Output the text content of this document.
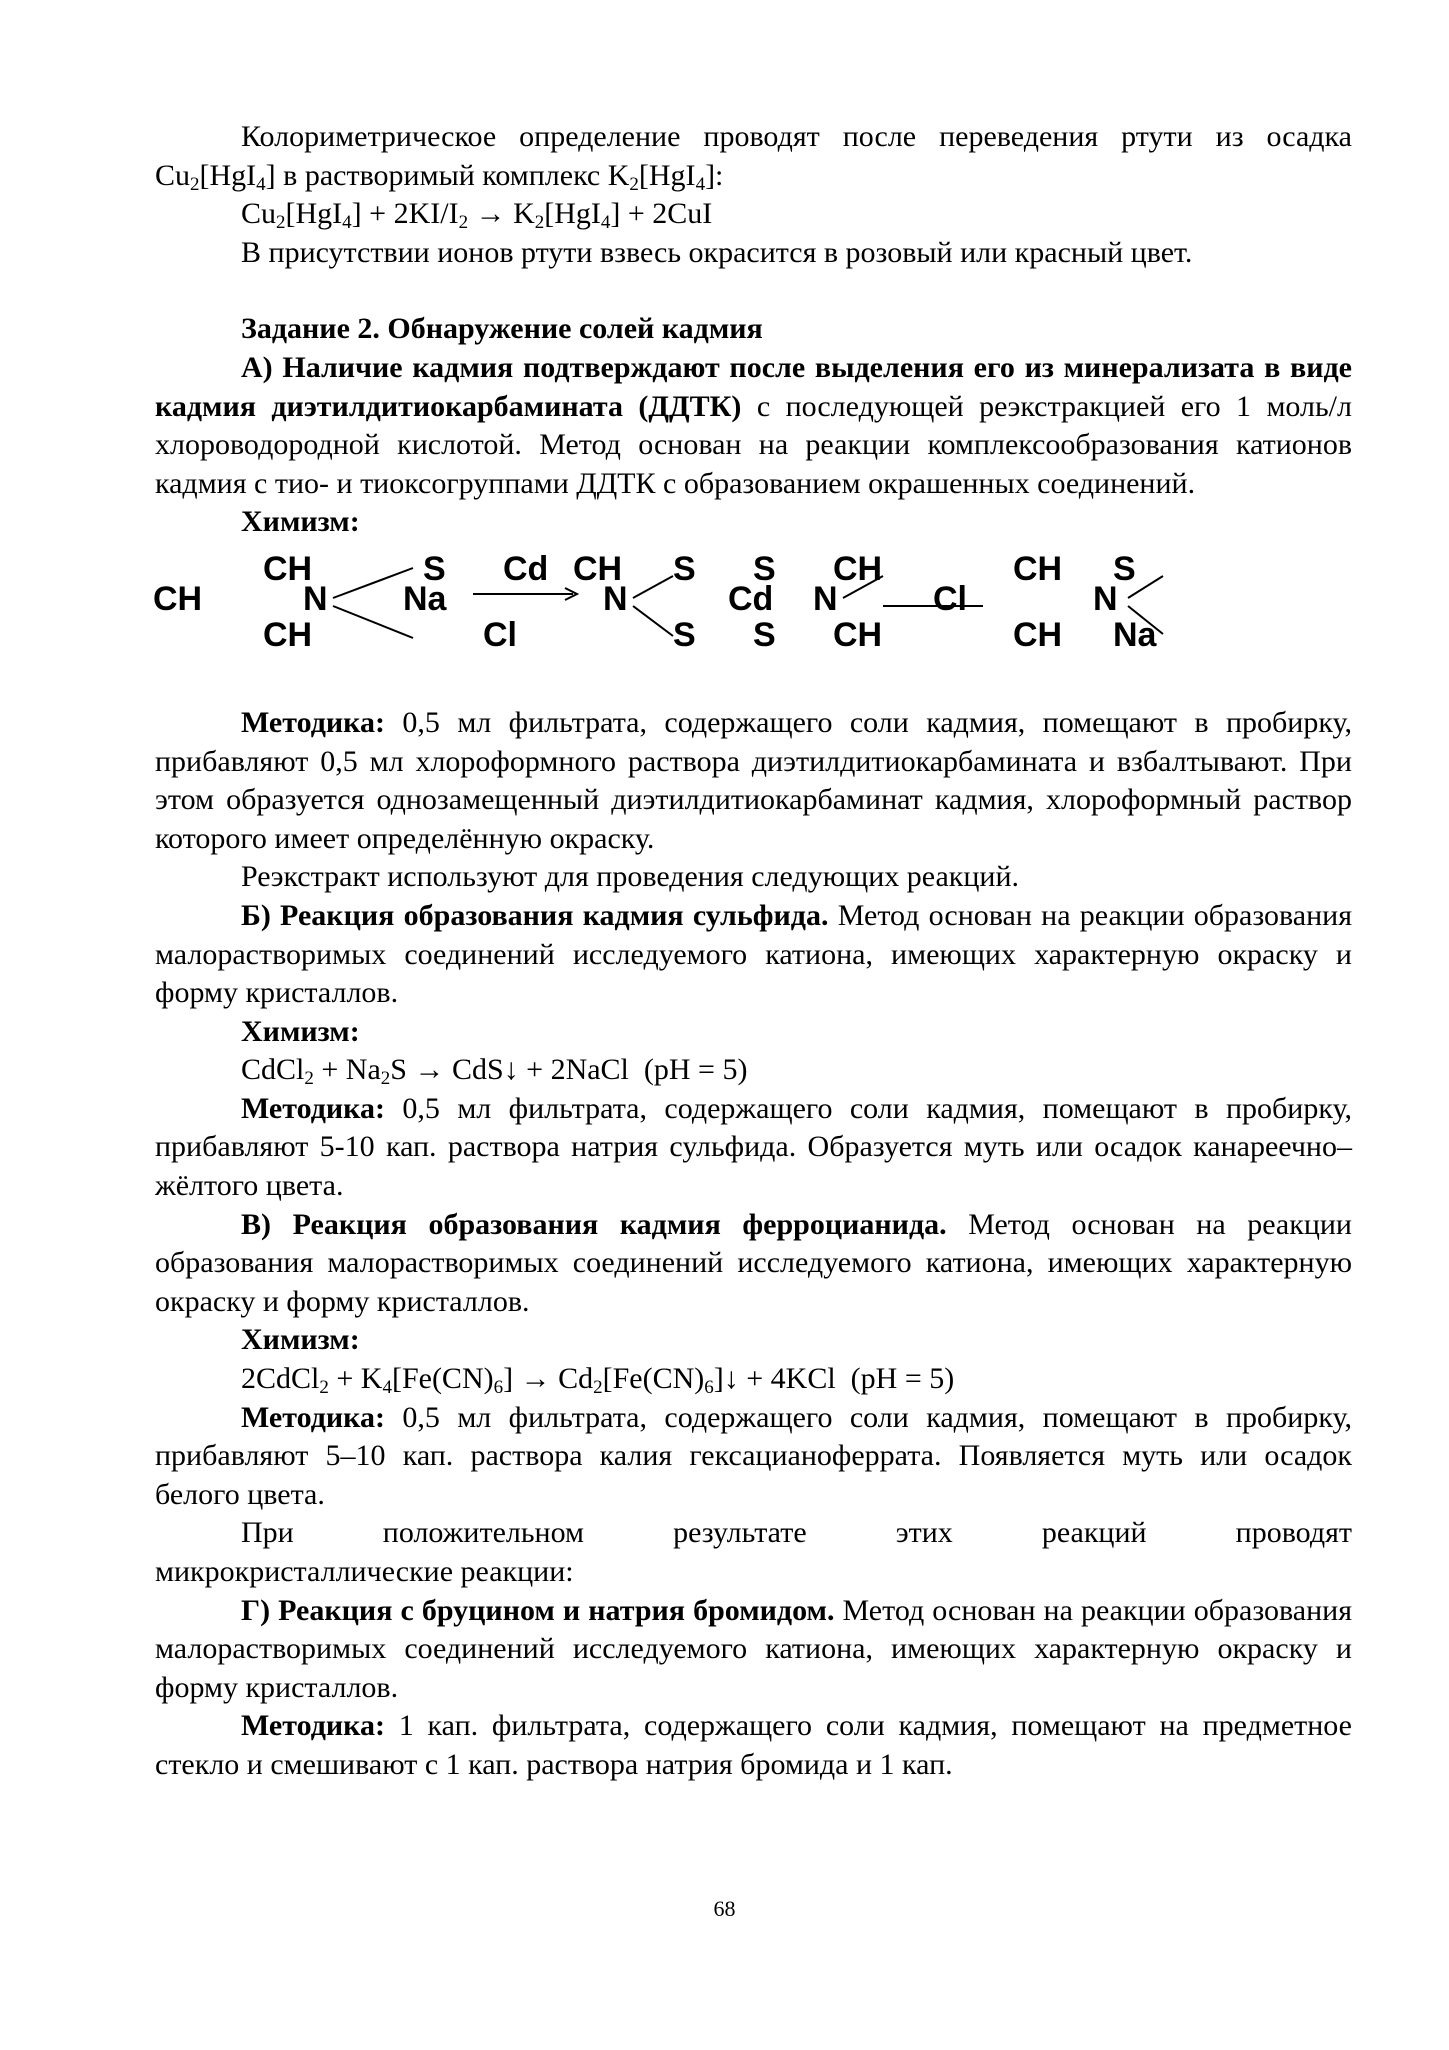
Колориметрическое определение проводят после переведения ртути из осадка $Cu_2[HgI_4]$ в растворимый комплекс $K_2[HgI_4]$:

$Cu_2[HgI_4] + 2KI/I_2 \to K_2[HgI_4] + 2CuI$

В присутствии ионов ртути взвесь окрасится в розовый или красный цвет.

Задание 2. Обнаружение солей кадмия

А) Наличие кадмия подтверждают после выделения его из минерализата в виде кадмия диэтилдитиокарбамината (ДДТК) с последующей реэкстракцией его 1 моль/л хлороводородной кислотой. Метод основан на реакции комплексообразования катионов кадмия с тио- и тиоксогруппами ДДТК с образованием окрашенных соединений.

Химизм:

CH	S Cd CH S S CH	CH S
CH	N Na	N	Cd N	Cl	N
CH	Cl	S S CH	CH Na

Методика: 0,5 мл фильтрата, содержащего соли кадмия, помещают в пробирку, прибавляют 0,5 мл хлороформного раствора диэтилдитиокарбамината и взбалтывают. При этом образуется однозамещенный диэтилдитиокарбаминат кадмия, хлороформный раствор которого имеет определённую окраску.

Реэкстракт используют для проведения следующих реакций.

Б) Реакция образования кадмия сульфида. Метод основан на реакции образования малорастворимых соединений исследуемого катиона, имеющих характерную окраску и форму кристаллов.

Химизм:

CdCl$_2$ + $Na_2S$ → CdS↓ + 2NaCl  (pH = 5)

Методика: 0,5 мл фильтрата, содержащего соли кадмия, помещают в пробирку, прибавляют 5-10 кап. раствора натрия сульфида. Образуется муть или осадок канареечно–жёлтого цвета.

В) Реакция образования кадмия ферроцианида. Метод основан на реакции образования малорастворимых соединений исследуемого катиона, имеющих характерную окраску и форму кристаллов.

Химизм:

2CdCl$_2$ + $K_4[Fe(CN)_6]$ → $Cd_2[Fe(CN)_6]↓ + 4KCl$  (pH = 5)

Методика: 0,5 мл фильтрата, содержащего соли кадмия, помещают в пробирку, прибавляют 5–10 кап. раствора калия гексацианоферрата. Появляется муть или осадок белого цвета.

При положительном результате этих реакций проводят

микрокристаллические реакции:

Г) Реакция с бруцином и натрия бромидом. Метод основан на реакции образования малорастворимых соединений исследуемого катиона, имеющих характерную окраску и форму кристаллов.

Методика: 1 кап. фильтрата, содержащего соли кадмия, помещают на предметное стекло и смешивают с 1 кап. раствора натрия бромида и 1 кап.

68
